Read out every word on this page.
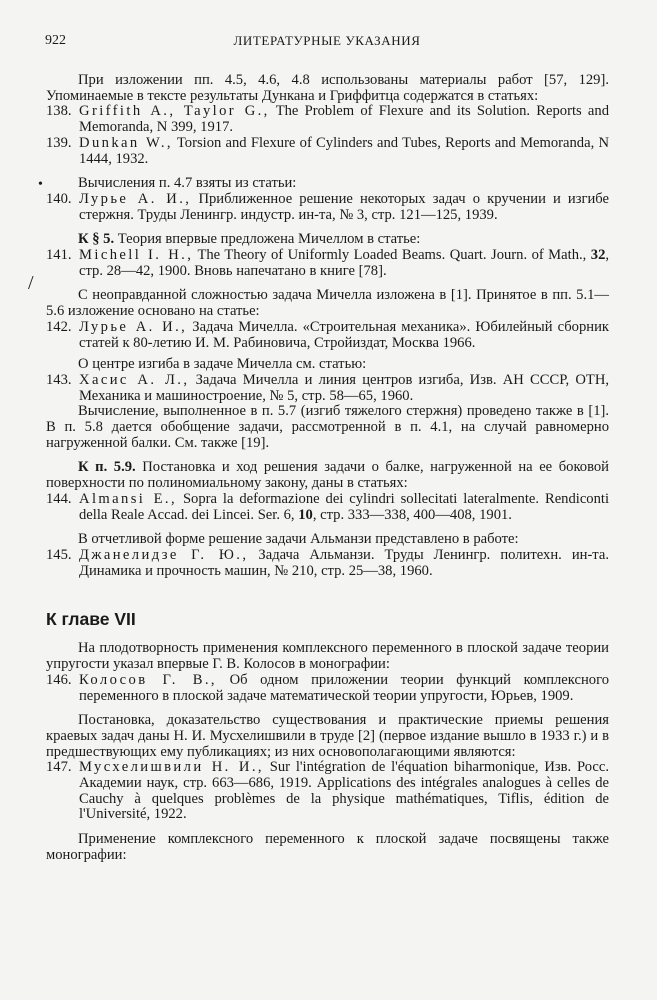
922	ЛИТЕРАТУРНЫЕ УКАЗАНИЯ
•
/

При изложении пп. 4.5, 4.6, 4.8 использованы материалы работ [57, 129]. Упоминаемые в тексте результаты Дункана и Гриффитца содержатся в статьях:

138. Griffith A., Taylor G., The Problem of Flexure and its Solution. Reports and Memoranda, N 399, 1917.
139. Dunkan W., Torsion and Flexure of Cylinders and Tubes, Reports and Memoranda, N 1444, 1932.

Вычисления п. 4.7 взяты из статьи:

140. Лурье А. И., Приближенное решение некоторых задач о кручении и изгибе стержня. Труды Ленингр. индустр. ин-та, № 3, стр. 121—125, 1939.

К § 5. Теория впервые предложена Мичеллом в статье:

141. Michell I. H., The Theory of Uniformly Loaded Beams. Quart. Journ. of Math., 32, стр. 28—42, 1900. Вновь напечатано в книге [78].

С неоправданной сложностью задача Мичелла изложена в [1]. Принятое в пп. 5.1—5.6 изложение основано на статье:

142. Лурье А. И., Задача Мичелла. «Строительная механика». Юбилейный сборник статей к 80-летию И. М. Рабиновича, Стройиздат, Москва 1966.

О центре изгиба в задаче Мичелла см. статью:

143. Хасис А. Л., Задача Мичелла и линия центров изгиба, Изв. АН СССР, ОТН, Механика и машиностроение, № 5, стр. 58—65, 1960.

Вычисление, выполненное в п. 5.7 (изгиб тяжелого стержня) проведено также в [1]. В п. 5.8 дается обобщение задачи, рассмотренной в п. 4.1, на случай равномерно нагруженной балки. См. также [19].

К п. 5.9. Постановка и ход решения задачи о балке, нагруженной на ее боковой поверхности по полиномиальному закону, даны в статьях:

144. Almansi E., Sopra la deformazione dei cylindri sollecitati lateralmente. Rendiconti della Reale Accad. dei Lincei. Ser. 6, 10, стр. 333—338, 400—408, 1901.

В отчетливой форме решение задачи Альманзи представлено в работе:

145. Джанелидзе Г. Ю., Задача Альманзи. Труды Ленингр. политехн. ин-та. Динамика и прочность машин, № 210, стр. 25—38, 1960.
К главе VII

На плодотворность применения комплексного переменного в плоской задаче теории упругости указал впервые Г. В. Колосов в монографии:

146. Колосов Г. В., Об одном приложении теории функций комплексного переменного в плоской задаче математической теории упругости, Юрьев, 1909.

Постановка, доказательство существования и практические приемы решения краевых задач даны Н. И. Мусхелишвили в труде [2] (первое издание вышло в 1933 г.) и в предшествующих ему публикациях; из них основополагающими являются:

147. Мусхелишвили Н. И., Sur l'intégration de l'équation biharmonique, Изв. Росс. Академии наук, стр. 663—686, 1919. Applications des intégrales analogues à celles de Cauchy à quelques problèmes de la physique mathématiques, Tiflis, édition de l'Université, 1922.

Применение комплексного переменного к плоской задаче посвящены также монографии:
